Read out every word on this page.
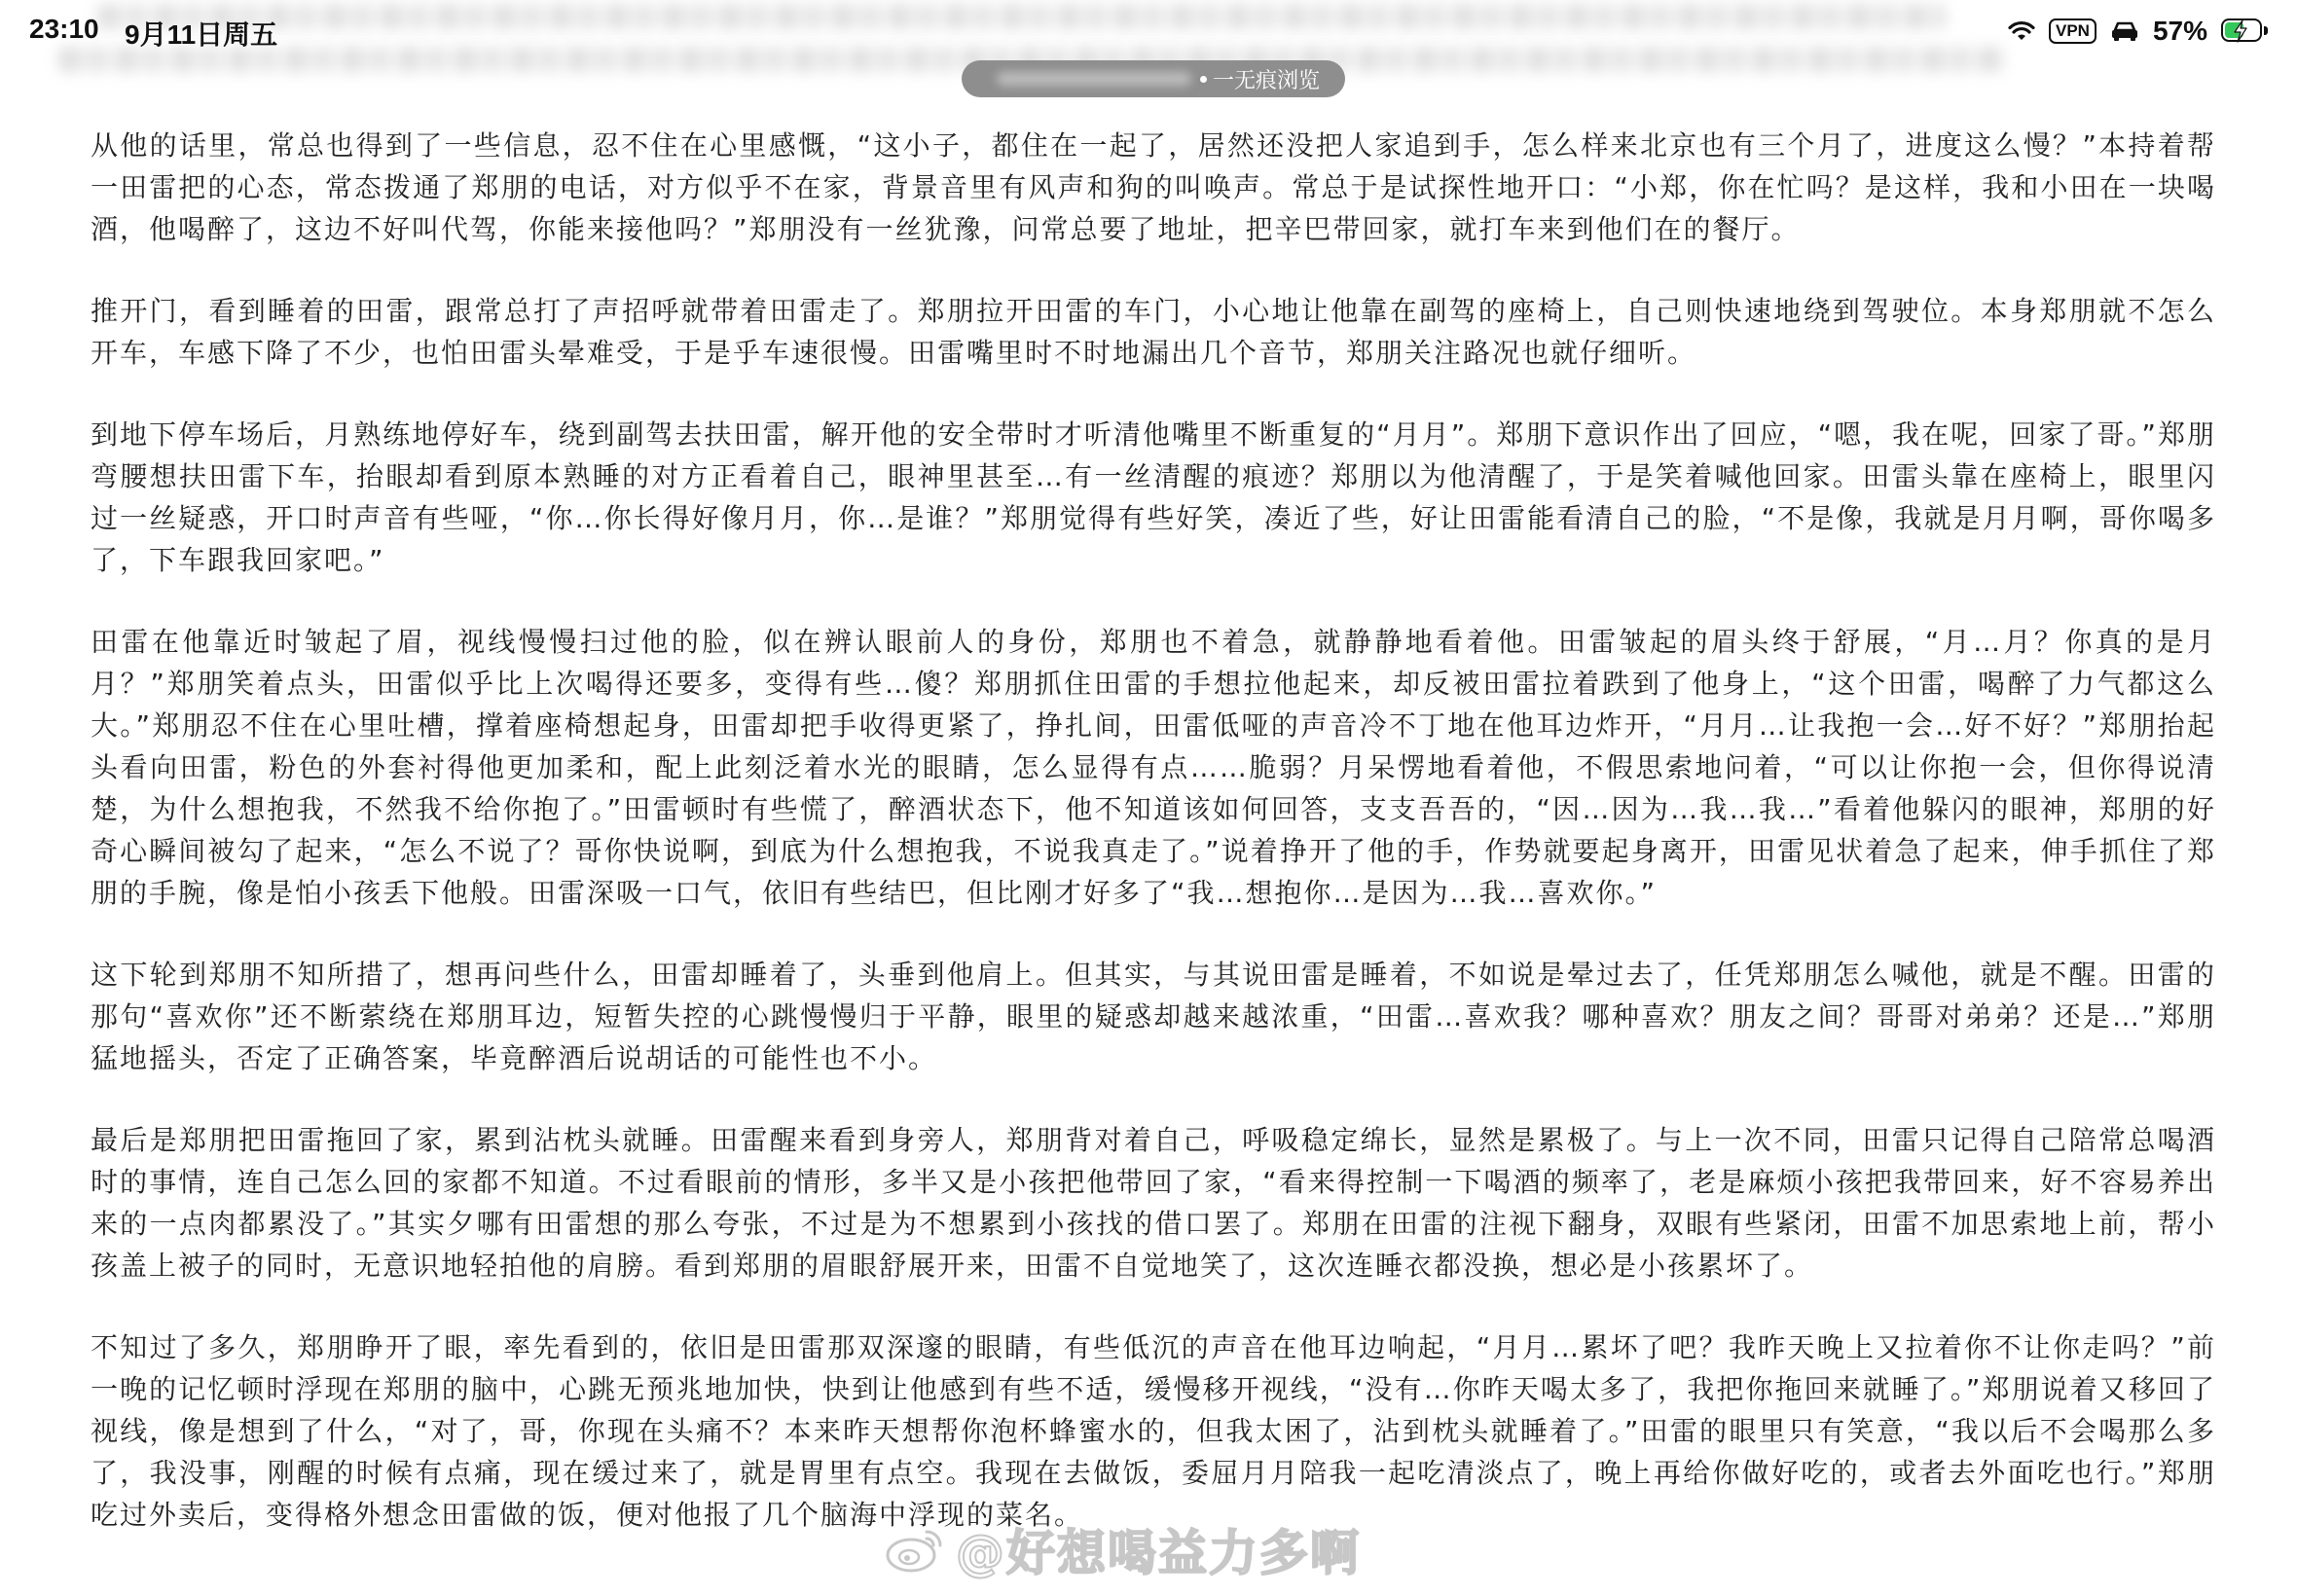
23:10 9月11日周五	VPN 57%
一无痕浏览

从他的话里，常总也得到了一些信息，忍不住在心里感慨，“这小子，都住在一起了，居然还没把人家追到手，怎么样来北京也有三个月了，进度这么慢？”本持着帮一田雷把的心态，常态拨通了郑朋的电话，对方似乎不在家，背景音里有风声和狗的叫唤声。常总于是试探性地开口：“小郑，你在忙吗？是这样，我和小田在一块喝酒，他喝醉了，这边不好叫代驾，你能来接他吗？”郑朋没有一丝犹豫，问常总要了地址，把辛巴带回家，就打车来到他们在的餐厅。

推开门，看到睡着的田雷，跟常总打了声招呼就带着田雷走了。郑朋拉开田雷的车门，小心地让他靠在副驾的座椅上，自己则快速地绕到驾驶位。本身郑朋就不怎么开车，车感下降了不少，也怕田雷头晕难受，于是乎车速很慢。田雷嘴里时不时地漏出几个音节，郑朋关注路况也就仔细听。

到地下停车场后，月熟练地停好车，绕到副驾去扶田雷，解开他的安全带时才听清他嘴里不断重复的“月月”。郑朋下意识作出了回应，“嗯，我在呢，回家了哥。”郑朋弯腰想扶田雷下车，抬眼却看到原本熟睡的对方正看着自己，眼神里甚至…有一丝清醒的痕迹？郑朋以为他清醒了，于是笑着喊他回家。田雷头靠在座椅上，眼里闪过一丝疑惑，开口时声音有些哑，“你…你长得好像月月，你…是谁？”郑朋觉得有些好笑，凑近了些，好让田雷能看清自己的脸，“不是像，我就是月月啊，哥你喝多了，下车跟我回家吧。”

田雷在他靠近时皱起了眉，视线慢慢扫过他的脸，似在辨认眼前人的身份，郑朋也不着急，就静静地看着他。田雷皱起的眉头终于舒展，“月…月？你真的是月月？”郑朋笑着点头，田雷似乎比上次喝得还要多，变得有些…傻？郑朋抓住田雷的手想拉他起来，却反被田雷拉着跌到了他身上，“这个田雷，喝醉了力气都这么大。”郑朋忍不住在心里吐槽，撑着座椅想起身，田雷却把手收得更紧了，挣扎间，田雷低哑的声音冷不丁地在他耳边炸开，“月月…让我抱一会…好不好？”郑朋抬起头看向田雷，粉色的外套衬得他更加柔和，配上此刻泛着水光的眼睛，怎么显得有点……脆弱？月呆愣地看着他，不假思索地问着，“可以让你抱一会，但你得说清楚，为什么想抱我，不然我不给你抱了。”田雷顿时有些慌了，醉酒状态下，他不知道该如何回答，支支吾吾的，“因…因为…我…我…”看着他躲闪的眼神，郑朋的好奇心瞬间被勾了起来，“怎么不说了？哥你快说啊，到底为什么想抱我，不说我真走了。”说着挣开了他的手，作势就要起身离开，田雷见状着急了起来，伸手抓住了郑朋的手腕，像是怕小孩丢下他般。田雷深吸一口气，依旧有些结巴，但比刚才好多了“我…想抱你…是因为…我…喜欢你。”

这下轮到郑朋不知所措了，想再问些什么，田雷却睡着了，头垂到他肩上。但其实，与其说田雷是睡着，不如说是晕过去了，任凭郑朋怎么喊他，就是不醒。田雷的那句“喜欢你”还不断萦绕在郑朋耳边，短暂失控的心跳慢慢归于平静，眼里的疑惑却越来越浓重，“田雷…喜欢我？哪种喜欢？朋友之间？哥哥对弟弟？还是…”郑朋猛地摇头，否定了正确答案，毕竟醉酒后说胡话的可能性也不小。

最后是郑朋把田雷拖回了家，累到沾枕头就睡。田雷醒来看到身旁人，郑朋背对着自己，呼吸稳定绵长，显然是累极了。与上一次不同，田雷只记得自己陪常总喝酒时的事情，连自己怎么回的家都不知道。不过看眼前的情形，多半又是小孩把他带回了家，“看来得控制一下喝酒的频率了，老是麻烦小孩把我带回来，好不容易养出来的一点肉都累没了。”其实夕哪有田雷想的那么夸张，不过是为不想累到小孩找的借口罢了。郑朋在田雷的注视下翻身，双眼有些紧闭，田雷不加思索地上前，帮小孩盖上被子的同时，无意识地轻拍他的肩膀。看到郑朋的眉眼舒展开来，田雷不自觉地笑了，这次连睡衣都没换，想必是小孩累坏了。

不知过了多久，郑朋睁开了眼，率先看到的，依旧是田雷那双深邃的眼睛，有些低沉的声音在他耳边响起，“月月…累坏了吧？我昨天晚上又拉着你不让你走吗？”前一晚的记忆顿时浮现在郑朋的脑中，心跳无预兆地加快，快到让他感到有些不适，缓慢移开视线，“没有…你昨天喝太多了，我把你拖回来就睡了。”郑朋说着又移回了视线，像是想到了什么，“对了，哥，你现在头痛不？本来昨天想帮你泡杯蜂蜜水的，但我太困了，沾到枕头就睡着了。”田雷的眼里只有笑意，“我以后不会喝那么多了，我没事，刚醒的时候有点痛，现在缓过来了，就是胃里有点空。我现在去做饭，委屈月月陪我一起吃清淡点了，晚上再给你做好吃的，或者去外面吃也行。”郑朋吃过外卖后，变得格外想念田雷做的饭，便对他报了几个脑海中浮现的菜名。

@好想喝益力多啊
